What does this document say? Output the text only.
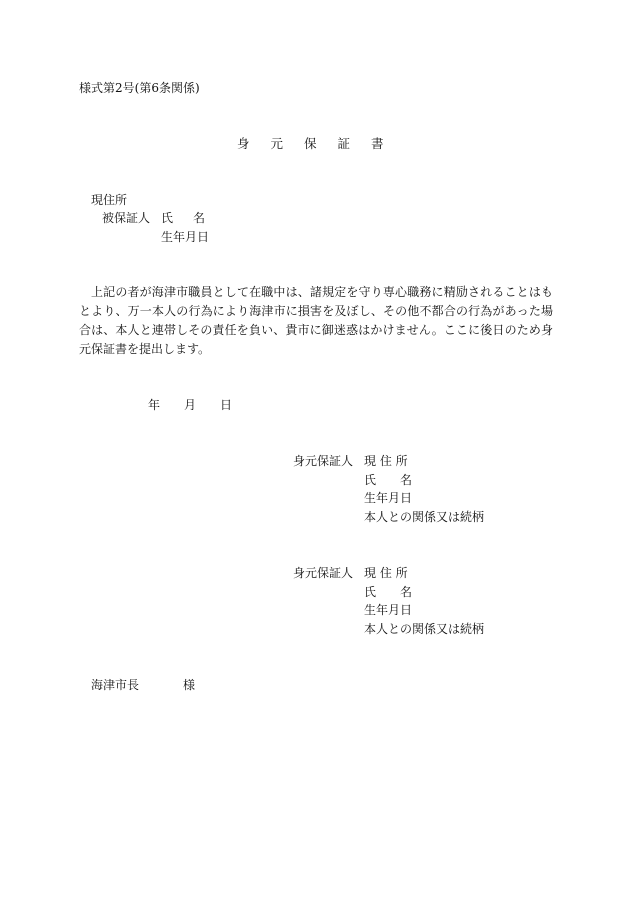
様式第2号(第6条関係)
身元保証書
現住所
被保証人 氏名
生年月日
上記の者が海津市職員として在職中は、諸規定を守り専心職務に精励されることはもとより、万一本人の行為により海津市に損害を及ぼし、その他不都合の行為があった場合は、本人と連帯しその責任を負い、貴市に御迷惑はかけません。ここに後日のため身元保証書を提出します。
年 月 日
身元保証人 現 住 所
氏　　名
生年月日
本人との関係又は続柄
身元保証人 現 住 所
氏　　名
生年月日
本人との関係又は続柄
海津市長	様
